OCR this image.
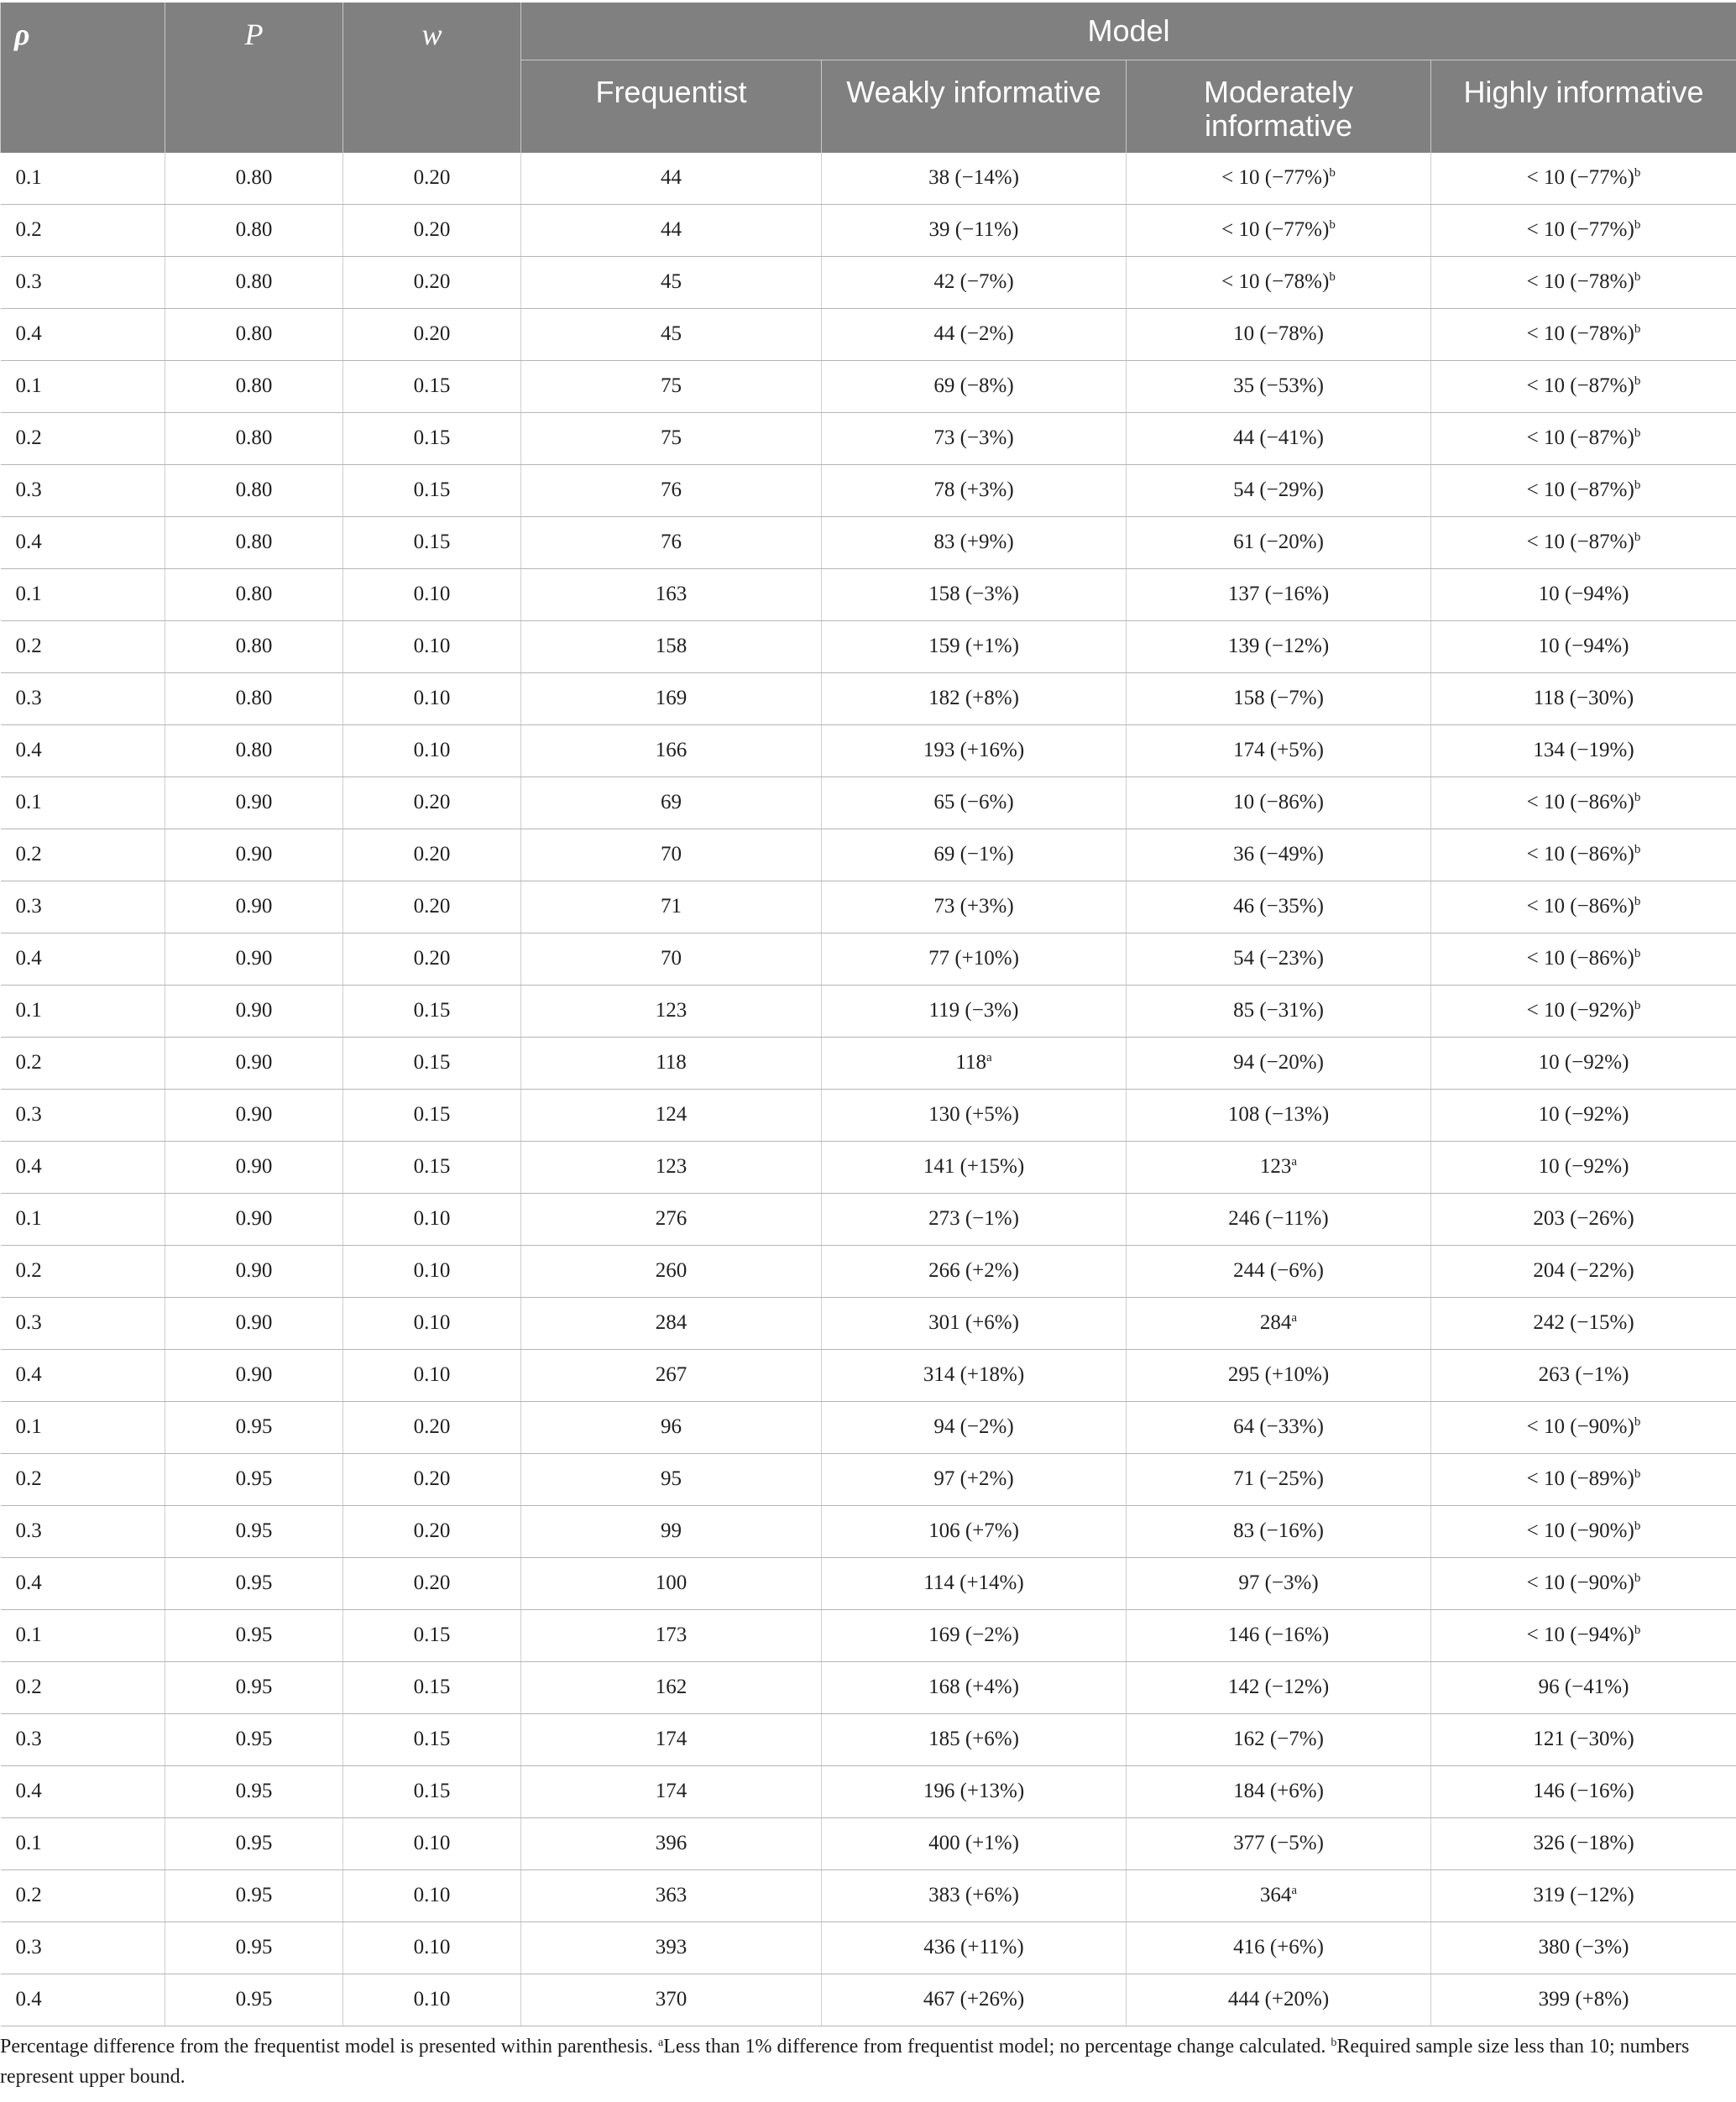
ρ	P	w	Model			
			Frequentist	Weakly informative	Moderately informative	Highly informative
0.1	0.80	0.20	44	38 (−14%)	< 10 $(-77\%)^b$	< 10 $(-77\%)^b$
0.2	0.80	0.20	44	39 (−11%)	< 10 $(-77\%)^b$	< 10 $(-77\%)^b$
0.3	0.80	0.20	45	42 (−7%)	< 10 $(-78\%)^b$	< 10 $(-78\%)^b$
0.4	0.80	0.20	45	44 (−2%)	10 (−78%)	< 10 $(-78\%)^b$
0.1	0.80	0.15	75	69 (−8%)	35 (−53%)	< 10 $(-87\%)^b$
0.2	0.80	0.15	75	73 (−3%)	44 (−41%)	< 10 $(-87\%)^b$
0.3	0.80	0.15	76	78 (+3%)	54 (−29%)	< 10 $(-87\%)^b$
0.4	0.80	0.15	76	83 (+9%)	61 (−20%)	< 10 $(-87\%)^b$
0.1	0.80	0.10	163	158 (−3%)	137 (−16%)	10 (−94%)
0.2	0.80	0.10	158	159 (+1%)	139 (−12%)	10 (−94%)
0.3	0.80	0.10	169	182 (+8%)	158 (−7%)	118 (−30%)
0.4	0.80	0.10	166	193 (+16%)	174 (+5%)	134 (−19%)
0.1	0.90	0.20	69	65 (−6%)	10 (−86%)	< 10 $(-86\%)^b$
0.2	0.90	0.20	70	69 (−1%)	36 (−49%)	< 10 $(-86\%)^b$
0.3	0.90	0.20	71	73 (+3%)	46 (−35%)	< 10 $(-86\%)^b$
0.4	0.90	0.20	70	77 (+10%)	54 (−23%)	< 10 $(-86\%)^b$
0.1	0.90	0.15	123	119 (−3%)	85 (−31%)	< 10 $(-92\%)^b$
0.2	0.90	0.15	118	118$^a$	94 (−20%)	10 (−92%)
0.3	0.90	0.15	124	130 (+5%)	108 (−13%)	10 (−92%)
0.4	0.90	0.15	123	141 (+15%)	123$^a$	10 (−92%)
0.1	0.90	0.10	276	273 (−1%)	246 (−11%)	203 (−26%)
0.2	0.90	0.10	260	266 (+2%)	244 (−6%)	204 (−22%)
0.3	0.90	0.10	284	301 (+6%)	284$^a$	242 (−15%)
0.4	0.90	0.10	267	314 (+18%)	295 (+10%)	263 (−1%)
0.1	0.95	0.20	96	94 (−2%)	64 (−33%)	< 10 $(-90\%)^b$
0.2	0.95	0.20	95	97 (+2%)	71 (−25%)	< 10 $(-89\%)^b$
0.3	0.95	0.20	99	106 (+7%)	83 (−16%)	< 10 $(-90\%)^b$
0.4	0.95	0.20	100	114 (+14%)	97 (−3%)	< 10 $(-90\%)^b$
0.1	0.95	0.15	173	169 (−2%)	146 (−16%)	< 10 $(-94\%)^b$
0.2	0.95	0.15	162	168 (+4%)	142 (−12%)	96 (−41%)
0.3	0.95	0.15	174	185 (+6%)	162 (−7%)	121 (−30%)
0.4	0.95	0.15	174	196 (+13%)	184 (+6%)	146 (−16%)
0.1	0.95	0.10	396	400 (+1%)	377 (−5%)	326 (−18%)
0.2	0.95	0.10	363	383 (+6%)	364$^a$	319 (−12%)
0.3	0.95	0.10	393	436 (+11%)	416 (+6%)	380 (−3%)
0.4	0.95	0.10	370	467 (+26%)	444 (+20%)	399 (+8%)

Percentage difference from the frequentist model is presented within parenthesis. $^a$Less than 1% difference from frequentist model; no percentage change calculated. $^b$Required sample size less than 10; numbers represent upper bound.
